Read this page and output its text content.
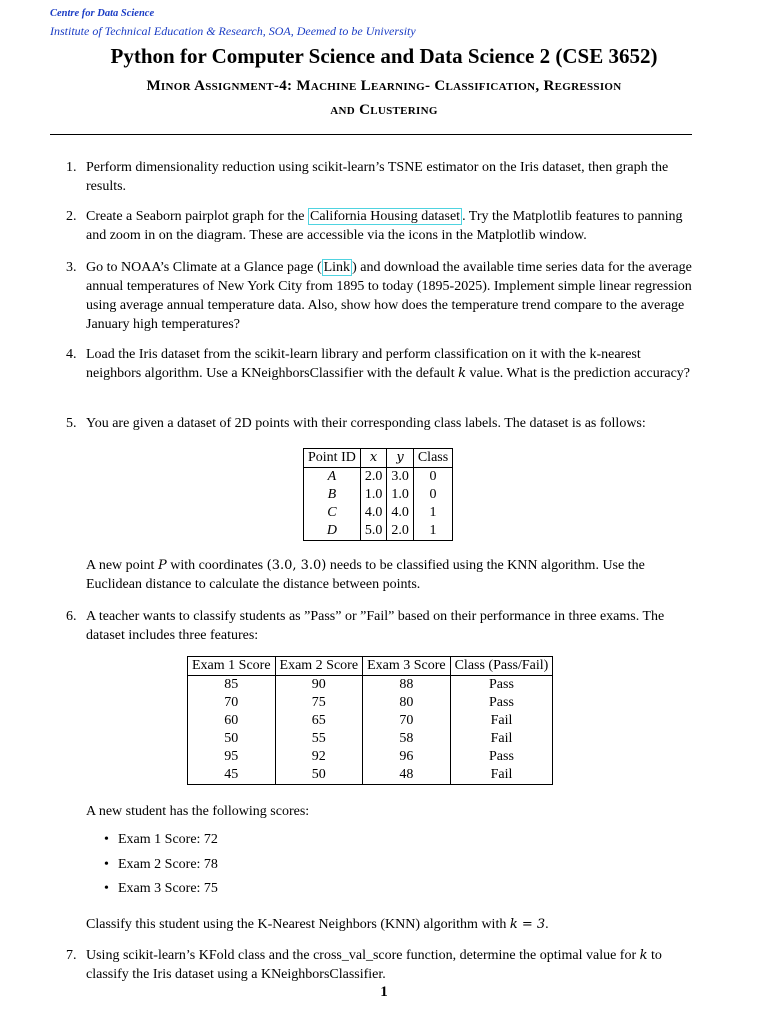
Centre for Data Science
Institute of Technical Education & Research, SOA, Deemed to be University
Python for Computer Science and Data Science 2 (CSE 3652)
Minor Assignment-4: Machine Learning- Classification, Regression
and Clustering
1. Perform dimensionality reduction using scikit-learn’s TSNE estimator on the Iris dataset, then graph the results.
2. Create a Seaborn pairplot graph for the California Housing dataset . Try the Matplotlib features to panning and zoom in on the diagram. These are accessible via the icons in the Matplotlib window.
3. Go to NOAA’s Climate at a Glance page ( Link ) and download the available time series data for the average annual temperatures of New York City from 1895 to today (1895-2025). Implement simple linear regression using average annual temperature data. Also, show how does the temperature trend compare to the average January high temperatures?
4. Load the Iris dataset from the scikit-learn library and perform classification on it with the k-nearest neighbors algorithm. Use a KNeighborsClassifier with the default k value. What is the prediction accuracy?
5. You are given a dataset of 2D points with their corresponding class labels. The dataset is as follows:
Point ID	x	y	Class
A	2.0	3.0	0
B	1.0	1.0	0
C	4.0	4.0	1
D	5.0	2.0	1
A new point P with coordinates (3.0, 3.0) needs to be classified using the KNN algorithm. Use the Euclidean distance to calculate the distance between points.
6. A teacher wants to classify students as ”Pass” or ”Fail” based on their performance in three exams. The dataset includes three features:
Exam 1 Score	Exam 2 Score	Exam 3 Score	Class (Pass/Fail)
85	90	88	Pass
70	75	80	Pass
60	65	70	Fail
50	55	58	Fail
95	92	96	Pass
45	50	48	Fail
A new student has the following scores:
• Exam 1 Score: 72
• Exam 2 Score: 78
• Exam 3 Score: 75
Classify this student using the K-Nearest Neighbors (KNN) algorithm with k = 3.
7. Using scikit-learn’s KFold class and the cross_val_score function, determine the optimal value for k to classify the Iris dataset using a KNeighborsClassifier.
1
